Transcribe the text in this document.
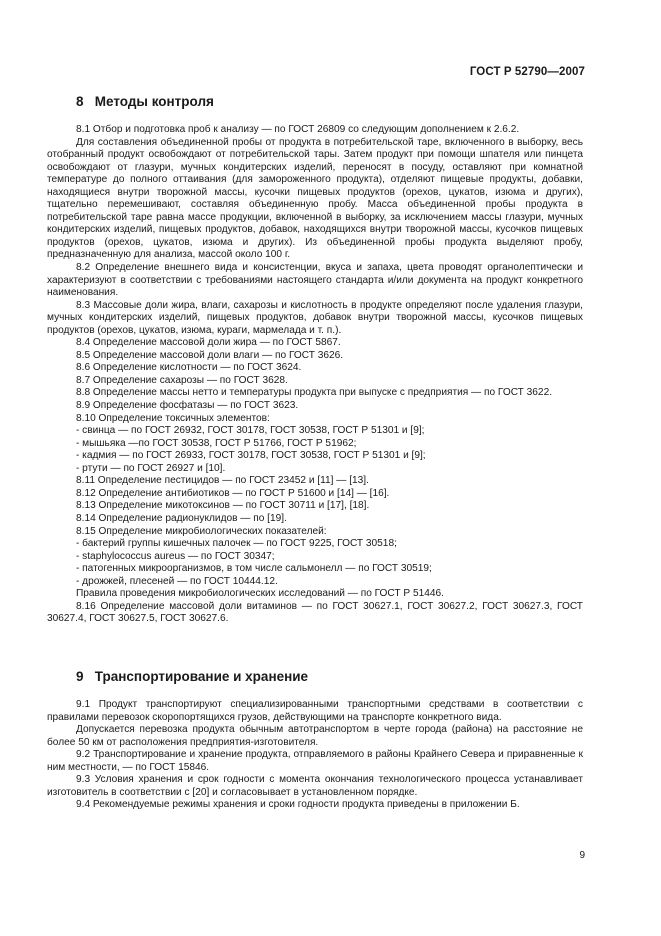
ГОСТ Р 52790—2007
8 Методы контроля

8.1 Отбор и подготовка проб к анализу — по ГОСТ 26809 со следующим дополнением к 2.6.2.

Для составления объединенной пробы от продукта в потребительской таре, включенного в выборку, весь отобранный продукт освобождают от потребительской тары. Затем продукт при помощи шпателя или пинцета освобождают от глазури, мучных кондитерских изделий, переносят в посуду, оставляют при комнатной температуре до полного оттаивания (для замороженного продукта), отделяют пищевые продукты, добавки, находящиеся внутри творожной массы, кусочки пищевых продуктов (орехов, цукатов, изюма и других), тщательно перемешивают, составляя объединенную пробу. Масса объединенной пробы продукта в потребительской таре равна массе продукции, включенной в выборку, за исключением массы глазури, мучных кондитерских изделий, пищевых продуктов, добавок, находящихся внутри творожной массы, кусочков пищевых продуктов (орехов, цукатов, изюма и других). Из объединенной пробы продукта выделяют пробу, предназначенную для анализа, массой около 100 г.

8.2 Определение внешнего вида и консистенции, вкуса и запаха, цвета проводят органолептически и характеризуют в соответствии с требованиями настоящего стандарта и/или документа на продукт конкретного наименования.

8.3 Массовые доли жира, влаги, сахарозы и кислотность в продукте определяют после удаления глазури, мучных кондитерских изделий, пищевых продуктов, добавок внутри творожной массы, кусочков пищевых продуктов (орехов, цукатов, изюма, кураги, мармелада и т. п.).

8.4 Определение массовой доли жира — по ГОСТ 5867.

8.5 Определение массовой доли влаги — по ГОСТ 3626.

8.6 Определение кислотности — по ГОСТ 3624.

8.7 Определение сахарозы — по ГОСТ 3628.

8.8 Определение массы нетто и температуры продукта при выпуске с предприятия — по ГОСТ 3622.

8.9 Определение фосфатазы — по ГОСТ 3623.

8.10 Определение токсичных элементов:

- свинца — по ГОСТ 26932, ГОСТ 30178, ГОСТ 30538, ГОСТ Р 51301 и [9];

- мышьяка —по ГОСТ 30538, ГОСТ Р 51766, ГОСТ Р 51962;

- кадмия — по ГОСТ 26933, ГОСТ 30178, ГОСТ 30538, ГОСТ Р 51301 и [9];

- ртути — по ГОСТ 26927 и [10].

8.11 Определение пестицидов — по ГОСТ 23452 и [11] — [13].

8.12 Определение антибиотиков — по ГОСТ Р 51600 и [14] — [16].

8.13 Определение микотоксинов — по ГОСТ 30711 и [17], [18].

8.14 Определение радионуклидов — по [19].

8.15 Определение микробиологических показателей:

- бактерий группы кишечных палочек — по ГОСТ 9225, ГОСТ 30518;

- staphylococcus aureus — по ГОСТ 30347;

- патогенных микроорганизмов, в том числе сальмонелл — по ГОСТ 30519;

- дрожжей, плесеней — по ГОСТ 10444.12.

Правила проведения микробиологических исследований — по ГОСТ Р 51446.

8.16 Определение массовой доли витаминов — по ГОСТ 30627.1, ГОСТ 30627.2, ГОСТ 30627.3, ГОСТ 30627.4, ГОСТ 30627.5, ГОСТ 30627.6.

9 Транспортирование и хранение

9.1 Продукт транспортируют специализированными транспортными средствами в соответствии с правилами перевозок скоропортящихся грузов, действующими на транспорте конкретного вида.

Допускается перевозка продукта обычным автотранспортом в черте города (района) на расстояние не более 50 км от расположения предприятия-изготовителя.

9.2 Транспортирование и хранение продукта, отправляемого в районы Крайнего Севера и приравненные к ним местности, — по ГОСТ 15846.

9.3 Условия хранения и срок годности с момента окончания технологического процесса устанавливает изготовитель в соответствии с [20] и согласовывает в установленном порядке.

9.4 Рекомендуемые режимы хранения и сроки годности продукта приведены в приложении Б.

9
